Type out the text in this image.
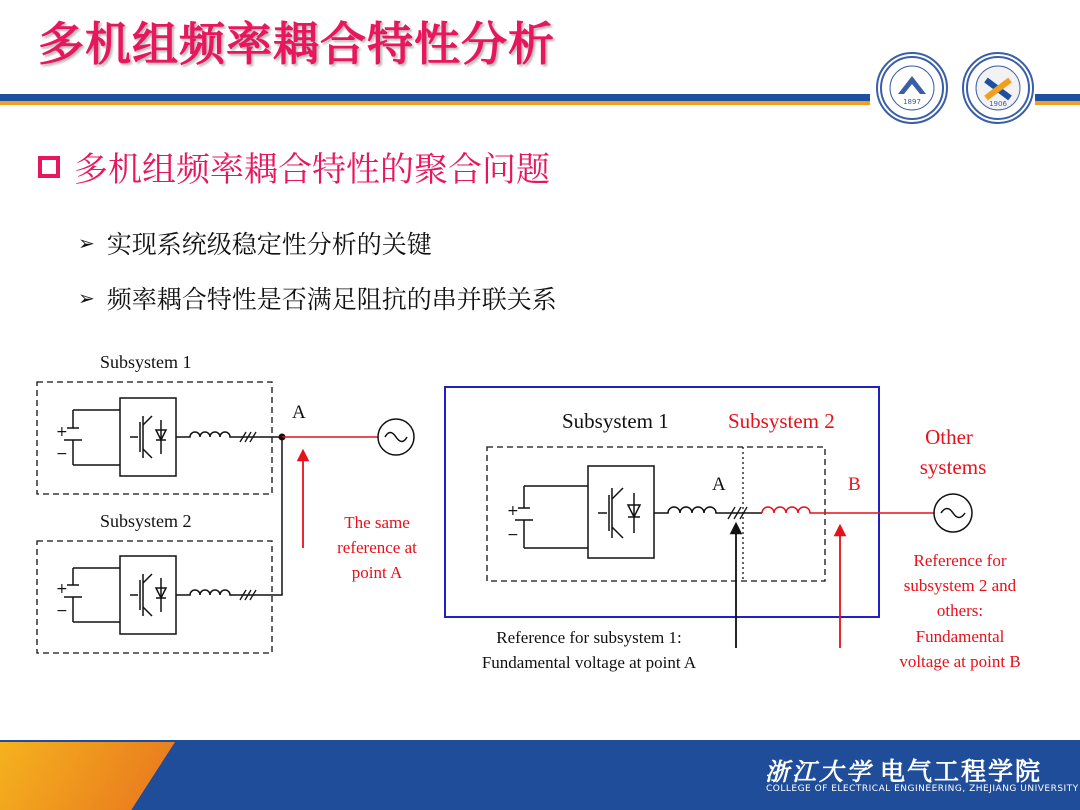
多机组频率耦合特性分析
1897	1906
多机组频率耦合特性的聚合问题
➢ 实现系统级稳定性分析的关键
➢ 频率耦合特性是否满足阻抗的串并联关系
Subsystem 1
+
−
A
Subsystem 2
+
−
The same
reference at
point A
Subsystem 1	Subsystem 2
+
−
A	B
Other
systems
Reference for subsystem 1:
Fundamental voltage at point A
Reference for
subsystem 2 and
others:
Fundamental
voltage at point B
浙江大学 电气工程学院
COLLEGE OF ELECTRICAL ENGINEERING, ZHEJIANG UNIVERSITY
